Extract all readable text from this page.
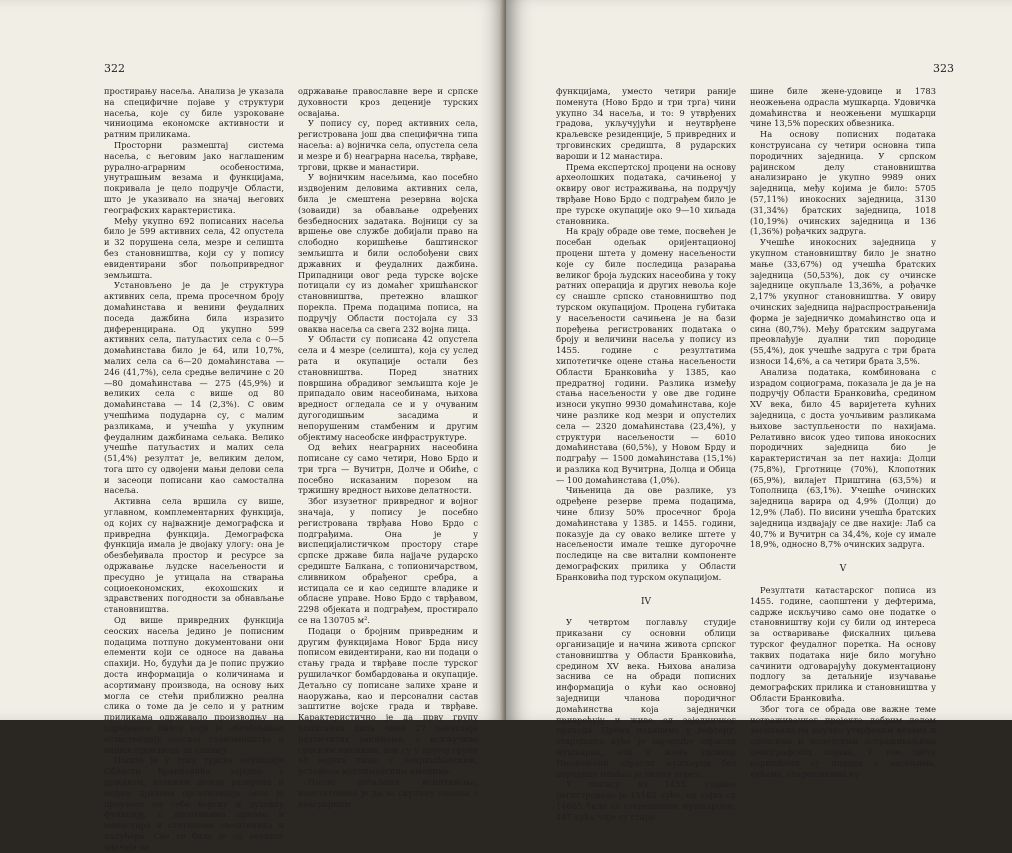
322

простирању насеља. Анализа је указала на специфичне појаве у структури насеља, које су биле узроковане чиниоцима економске активности и ратним приликама.

Просторни размештај система насеља, с његовим јако наглашеним рурално-аграрним особеностима, унутрашњим везама и функцијама, покривала је цело подручје Области, што је указивало на значај његових географских карактеристика.

Међу укупно 692 пописаних насеља било је 599 активних села, 42 опустела и 32 порушена села, мезре и селишта без становништва, који су у попису евидентирани због пољопривредног земљишта.

Установљено је да је структура активних села, према просечном броју домаћинстава и венини феудалних поседа дажбина била изразито диференцирана. Од укупно 599 активних села, патуљастих села с 0—5 домаћинстава било је 64, или 10,7%, малих села са 6—20 домаћинстава — 246 (41,7%), села средње величине с 20—80 домаћинстава — 275 (45,9%) и великих села с више од 80 домаћинстава — 14 (2,3%). С овим учешћима подударна су, с малим разликама, и учешћа у укупним феудалним дажбинама сељака. Велико учешће патуљастих и малих села (51,4%) резултат је, великим делом, тога што су одвојени мањи делови села и засеоци пописани као самостална насеља.

Активна села вршила су више, углавном, комплементарних функција, од којих су најважније демографска и привредна функција. Демографска функција имала је двојаку улогу: она је обезбеђивала простор и ресурсе за одржавање људске насељености и пресудно је утицала на стварања социоекономских, екохошских и здравствених погодности за обнављање становништва.

Од више привредних функција сеоских насеља једино је пописним подацима потпуно документовани они елементи који се односе на давања спахији. Но, будући да је попис пружио доста информација о количинама и асортиману производа, на основу њих могла се стећи приближно реална слика о томе да је село и у ратним приликама одржавало производњу на одређеном нивоу који је обезбеђивао егзистенцију сеоског становништва и вишак производа за спахију.

Пошто је у току турске окупације Области Бранковића, заједно с државом, великим делом разорена и мођна црквена организација село је преузело на себе верску и духовну функцију, с десетинама цркава и манастира и стотинама свештеника и калуђера. Све то било је од великог значаја за

одржавање православне вере и српске духовности кроз деценије турских освајања.

У попису су, поред активних села, регистрована још два специфична типа насеља: а) војничка села, опустела села и мезре и б) неаграрна насеља, тврђаве, тргови, цркве и манастири.

У војничким насељима, као посебно издвојеним деловима активних села, била је смештена резервна војска (зоваиди) за обављање одређених безбедносних задатака. Војници су за вршење ове службе добијали право на слободно коришћење баштинског земљишта и били ослобођени свих државних и феудалних дажбина. Припадници овог реда турске војске потицали су из домаћег хришћанског становништва, претежно влашког порекла. Према подацима пописа, на подручју Области постојала су 33 оваква насеља са свега 232 војна лица.

У Области су пописана 42 опустела села и 4 мезре (селишта), која су услед рата и окупације остали без становништва. Поред знатних површина обрадивог земљишта које је припадало овим насеобинама, њихова вредност огледала се и у очуваним дугогодишњим засадима и непорушеним стамбеним и другим објектиму насеобске инфраструктуре.

Од већих неаграрних насеобина пописане су само четири, Ново Брдо и три трга — Вучитрн, Долче и Обиће, с посебно исказаним порезом на тржишну вредност њихове делатности.

Због изузетног привредног и војног значаја, у попису је посебно регистрована тврђава Ново Брдо с подграђима. Она је у виспецијалистичком простору старе српске државе била најјаче рударско средиште Балкана, с топионичарством, сливником обрађеног сребра, а истицала се и као седиште владике и обласне управе. Ново Брдо с тврђавом, 2298 објеката и подграђем, простирало се на 130705 м².

Подаци о бројним привредним и другим функцијама Новог Брда нису пописом евидентирани, као ни подаци о стању града и тврђаве после турског рушилачког бомбардовања и окупације. Детаљно су пописане залихе хране и наоружања, као и персонални састав заштитне војске града и тврђаве. Карактеристично је да прву групу пописаних лица чини 27 занатлија различитих занимања, с искључиво српским именима, док су у другој групи 60 војних лица, с нехришћанским, углавном муслиманским именима.

После детаљних испитивања, констатовано је да за скупину насеља с неаграрним

323

функцијама, уместо четири раније поменута (Ново Брдо и три трга) чини укупно 34 насеља, и то: 9 утврђених градова, укључујући и неутврђене краљевске резиденције, 5 привредних и трговинских средишта, 8 рударских вароши и 12 манастира.

Према експертској процени на основу археолошких података, сачињеној у оквиру овог истраживања, на подручју тврђаве Ново Брдо с подграђем било је пре турске окупације око 9—10 хиљада становника.

На крају обраде ове теме, посвећен је посебан одељак оријентационој процени штета у домену насељености које су биле последица разарања великог броја људских насеобина у току ратних операција и других невоља које су снашле српско становништво под турском окупацијом. Процена губитака у насељености сачињена је на бази поређења регистрованих података о броју и величини насеља у попису из 1455. године с резултатима хипотетичке оцене стања насељености Области Бранковића у 1385, као предратној години. Разлика између стања насељености у ове две године износи укупно 9930 домаћинстава, које чине разлике код мезри и опустелих села — 2320 домаћинстава (23,4%), у структури насељености — 6010 домаћинстава (60,5%), у Новом Брду и подграђу — 1500 домаћинстава (15,1%) и разлика код Вучитрна, Долца и Обица — 100 домаћинстава (1,0%).

Чињеница да ове разлике, уз одређене резерве према подацима, чине близу 50% просечног броја домаћинстава у 1385. и 1455. години, показује да су овако велике штете у насељености имале тешке дугорочне последице на све витални компоненте демографских прилика у Области Бранковића под турском окупацијом.

IV

У четвртом поглављу студије приказани су основни облици организације и начина живота српског становништва у Области Бранковића, средином XV века. Њихова анализа заснива се на обради пописних информација о кући као основној заједници чланова породичног домаћинства која заједнички привређују и живе од заједничког прихода. Према подацима у дефтеру, старешина куће је најчешће одрасли мушкарац, али и жена удовица Неожењени одрасли мушкарци без породице плаћао је лични порез.

У попису из 1455. године регистровано је 15162 куће, од којих су 14665 биле са старешином мушкарцем, 447 кућа чије су старе-

шине биле жене-удовице и 1783 неожењена одрасла мушкарца. Удовичка домаћинства и неожењени мушкарци чине 13,5% пореских обвезника.

На основу пописних података конструисана су четири основна типа породичних заједница. У српском рајинском делу становништва анализирано је укупно 9989 оних заједница, међу којима је било: 5705 (57,11%) инокосних заједница, 3130 (31,34%) братских заједница, 1018 (10,19%) очинских заједница и 136 (1,36%) рођачких задруга.

Учешће инокосних заједница у укупном становништву било је знатно мање (33,67%) од учешћа братских заједница (50,53%), док су очинске заједнице окупљале 13,36%, а рођачке 2,17% укупног становништва. У овиру очинских заједница најраспрострањенија форма је заједничко домаћинство оца и сина (80,7%). Међу братским задругама преовлађује дуални тип породице (55,4%), док учешће задруга с три брата износи 14,6%, а са четири брата 3,5%.

Анализа података, комбинована с израдом социограма, показала је да је на подручју Области Бранковића, средином XV века, било 45 варијетета кућних заједница, с доста уочљивим разликама њихове заступљености по нахијама. Релативно висок удео типова инокосних породичних заједница био је карактеристичан за пет нахија: Долци (75,8%), Грготнице (70%), Клопотник (65,9%), вилајет Приштина (63,5%) и Тополница (63,1%). Учешће очинских заједница варира од 4,9% (Долци) до 12,9% (Лаб). По висини учешћа братских заједница издвајају се две нахије: Лаб са 40,7% и Вучитрн са 34,4%, које су имале 18,9%, односно 8,7% очинских задруга.

V

Резултати катастарског пописа из 1455. године, саопштени у дефтерима, садрже искључиво само оне податке о становништву који су били од интереса за остваривање фискалних циљева турског феудалног поретка. На основу таквих података није било могућно сачинити одговарајућу документациону подлогу за детаљније изучавање демографских прилика и становништва у Области Бранковића.

Због тога се обрада ове важне теме истраживачког пројекта добрим делом заснивала на научно утврђеним везама и односима и моделским истраживањима демографских појава. У том циљу коришћени су подаци о насељима, кућама, старешинама ку-
